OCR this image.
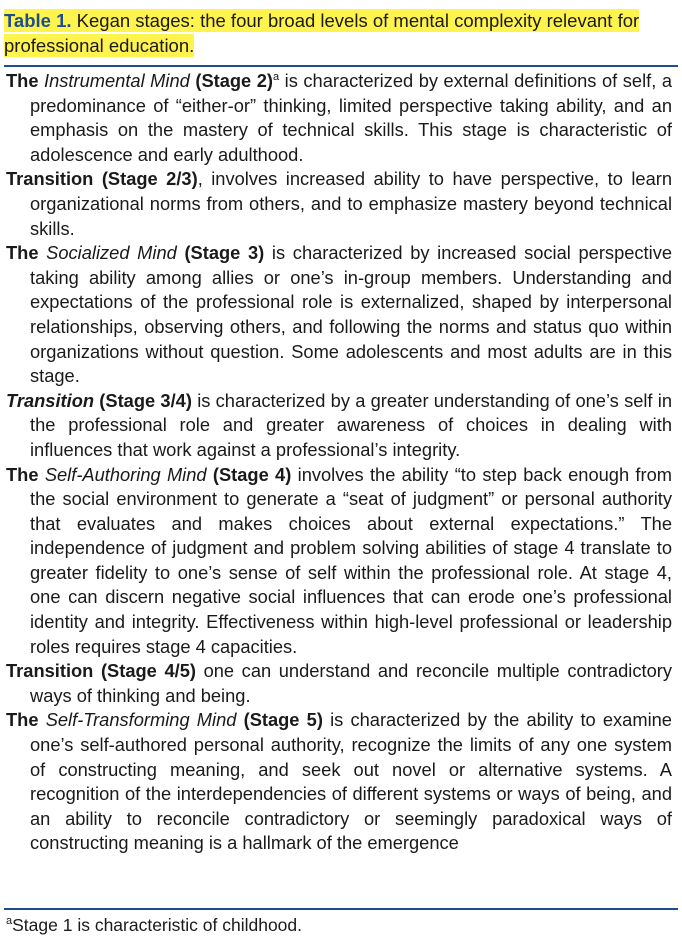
Table 1. Kegan stages: the four broad levels of mental complexity relevant for professional education.

The Instrumental Mind (Stage 2)$^a$ is characterized by external definitions of self, a predominance of “either-or” thinking, limited perspective taking ability, and an emphasis on the mastery of technical skills. This stage is characteristic of adolescence and early adulthood.

Transition (Stage 2/3), involves increased ability to have perspective, to learn organizational norms from others, and to emphasize mastery beyond technical skills.

The Socialized Mind (Stage 3) is characterized by increased social perspective taking ability among allies or one’s in-group members. Understanding and expectations of the professional role is externalized, shaped by interpersonal relationships, observing others, and following the norms and status quo within organizations without question. Some adolescents and most adults are in this stage.

Transition (Stage 3/4) is characterized by a greater understanding of one’s self in the professional role and greater awareness of choices in dealing with influences that work against a professional’s integrity.

The Self-Authoring Mind (Stage 4) involves the ability “to step back enough from the social environment to generate a “seat of judgment” or personal authority that evaluates and makes choices about external expectations.” The independence of judgment and problem solving abilities of stage 4 translate to greater fidelity to one’s sense of self within the professional role. At stage 4, one can discern negative social influences that can erode one’s professional identity and integrity. Effectiveness within high-level professional or leadership roles requires stage 4 capacities.

Transition (Stage 4/5) one can understand and reconcile multiple contradictory ways of thinking and being.

The Self-Transforming Mind (Stage 5) is characterized by the ability to examine one’s self-authored personal authority, recognize the limits of any one system of constructing meaning, and seek out novel or alternative systems. A recognition of the interdependencies of different systems or ways of being, and an ability to reconcile contradictory or seemingly paradoxical ways of constructing meaning is a hallmark of the emergence

$^a$Stage 1 is characteristic of childhood.
